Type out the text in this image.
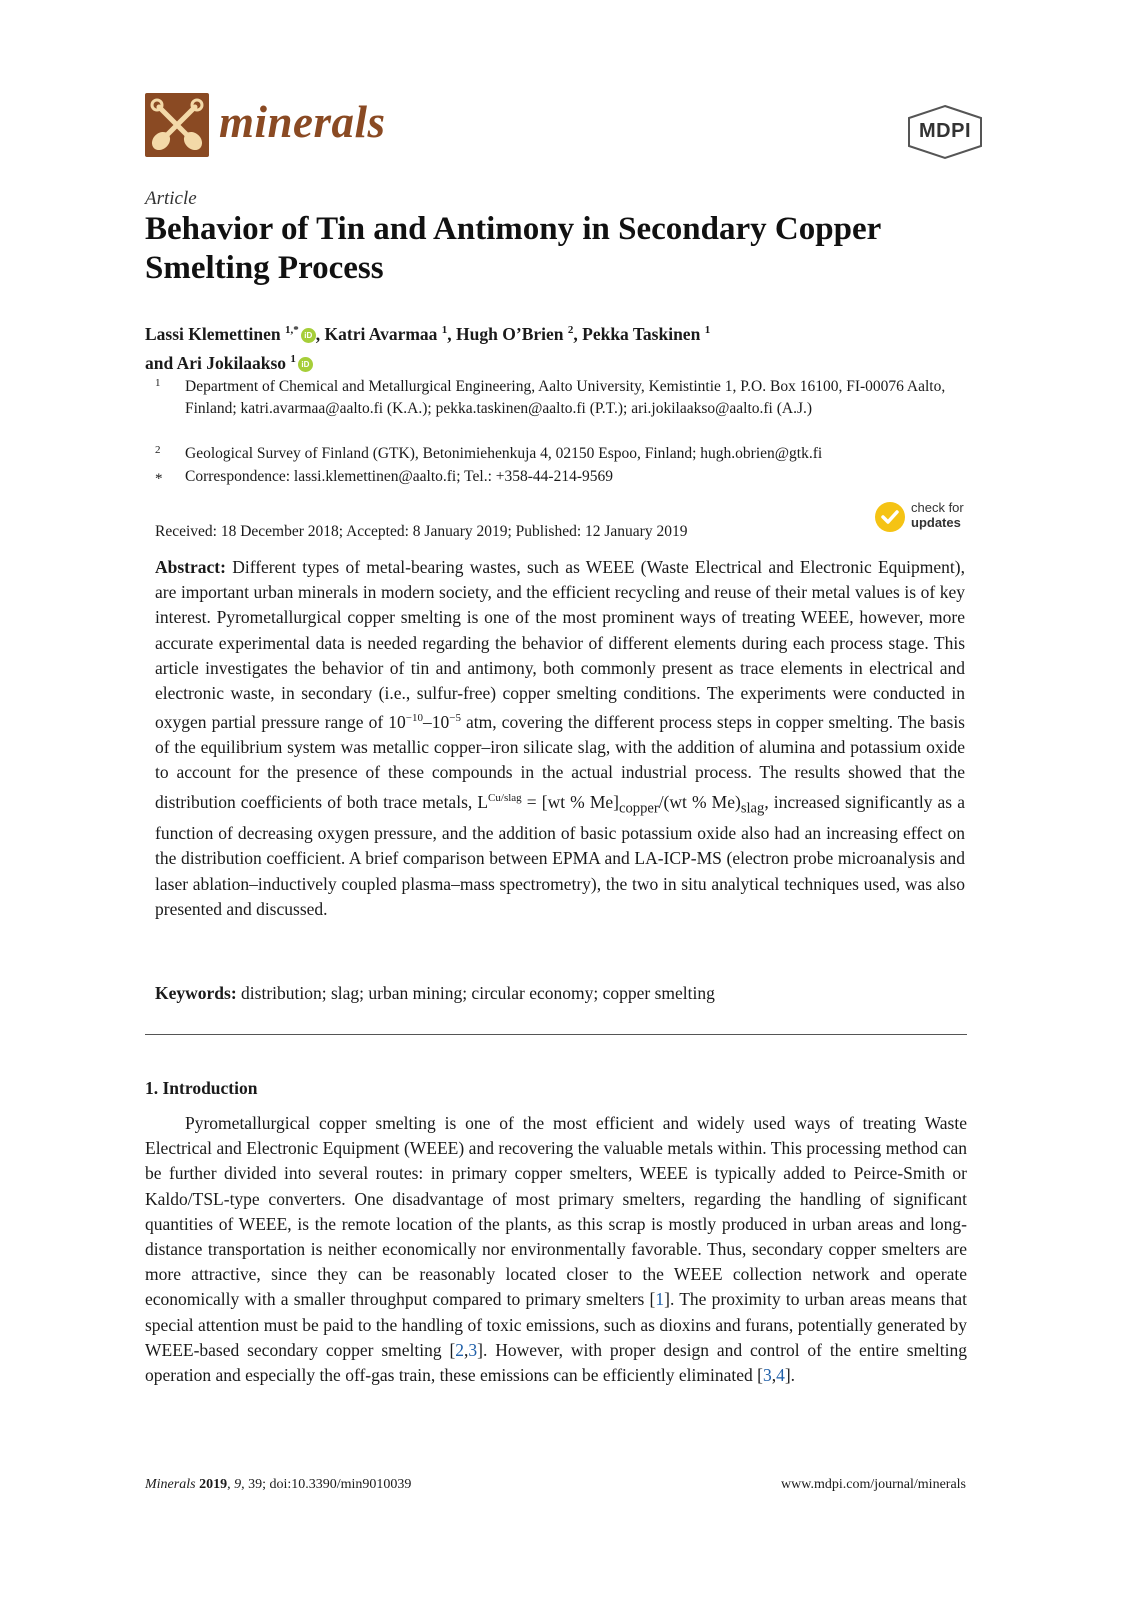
minerals	MDPI
Article
Behavior of Tin and Antimony in Secondary Copper Smelting Process
Lassi Klemettinen $^{1,*}$ iD , Katri Avarmaa $^1$, Hugh O’Brien $^2$, Pekka Taskinen $^1$
and Ari Jokilaakso $^1$ iD
1 Department of Chemical and Metallurgical Engineering, Aalto University, Kemistintie 1, P.O. Box 16100, FI-00076 Aalto, Finland; katri.avarmaa@aalto.fi (K.A.); pekka.taskinen@aalto.fi (P.T.); ari.jokilaakso@aalto.fi (A.J.)
2 Geological Survey of Finland (GTK), Betonimiehenkuja 4, 02150 Espoo, Finland; hugh.obrien@gtk.fi
* Correspondence: lassi.klemettinen@aalto.fi; Tel.: +358-44-214-9569
Received: 18 December 2018; Accepted: 8 January 2019; Published: 12 January 2019
check for
updates
Abstract: Different types of metal-bearing wastes, such as WEEE (Waste Electrical and Electronic Equipment), are important urban minerals in modern society, and the efficient recycling and reuse of their metal values is of key interest. Pyrometallurgical copper smelting is one of the most prominent ways of treating WEEE, however, more accurate experimental data is needed regarding the behavior of different elements during each process stage. This article investigates the behavior of tin and antimony, both commonly present as trace elements in electrical and electronic waste, in secondary (i.e., sulfur-free) copper smelting conditions. The experiments were conducted in oxygen partial pressure range of $10^{-10}-10^{-5}$ atm, covering the different process steps in copper smelting. The basis of the equilibrium system was metallic copper–iron silicate slag, with the addition of alumina and potassium oxide to account for the presence of these compounds in the actual industrial process. The results showed that the distribution coefficients of both trace metals, $L^{Cu/slag} = [wt$ % $Me]_{copper}/(wt$ % $Me)_{slag}$, increased significantly as a function of decreasing oxygen pressure, and the addition of basic potassium oxide also had an increasing effect on the distribution coefficient. A brief comparison between EPMA and LA-ICP-MS (electron probe microanalysis and laser ablation–inductively coupled plasma–mass spectrometry), the two in situ analytical techniques used, was also presented and discussed.
Keywords: distribution; slag; urban mining; circular economy; copper smelting
1. Introduction
Pyrometallurgical copper smelting is one of the most efficient and widely used ways of treating Waste Electrical and Electronic Equipment (WEEE) and recovering the valuable metals within. This processing method can be further divided into several routes: in primary copper smelters, WEEE is typically added to Peirce-Smith or Kaldo/TSL-type converters. One disadvantage of most primary smelters, regarding the handling of significant quantities of WEEE, is the remote location of the plants, as this scrap is mostly produced in urban areas and long-distance transportation is neither economically nor environmentally favorable. Thus, secondary copper smelters are more attractive, since they can be reasonably located closer to the WEEE collection network and operate economically with a smaller throughput compared to primary smelters [1]. The proximity to urban areas means that special attention must be paid to the handling of toxic emissions, such as dioxins and furans, potentially generated by WEEE-based secondary copper smelting [2,3]. However, with proper design and control of the entire smelting operation and especially the off-gas train, these emissions can be efficiently eliminated [3,4].
Minerals 2019, 9, 39; doi:10.3390/min9010039	www.mdpi.com/journal/minerals
